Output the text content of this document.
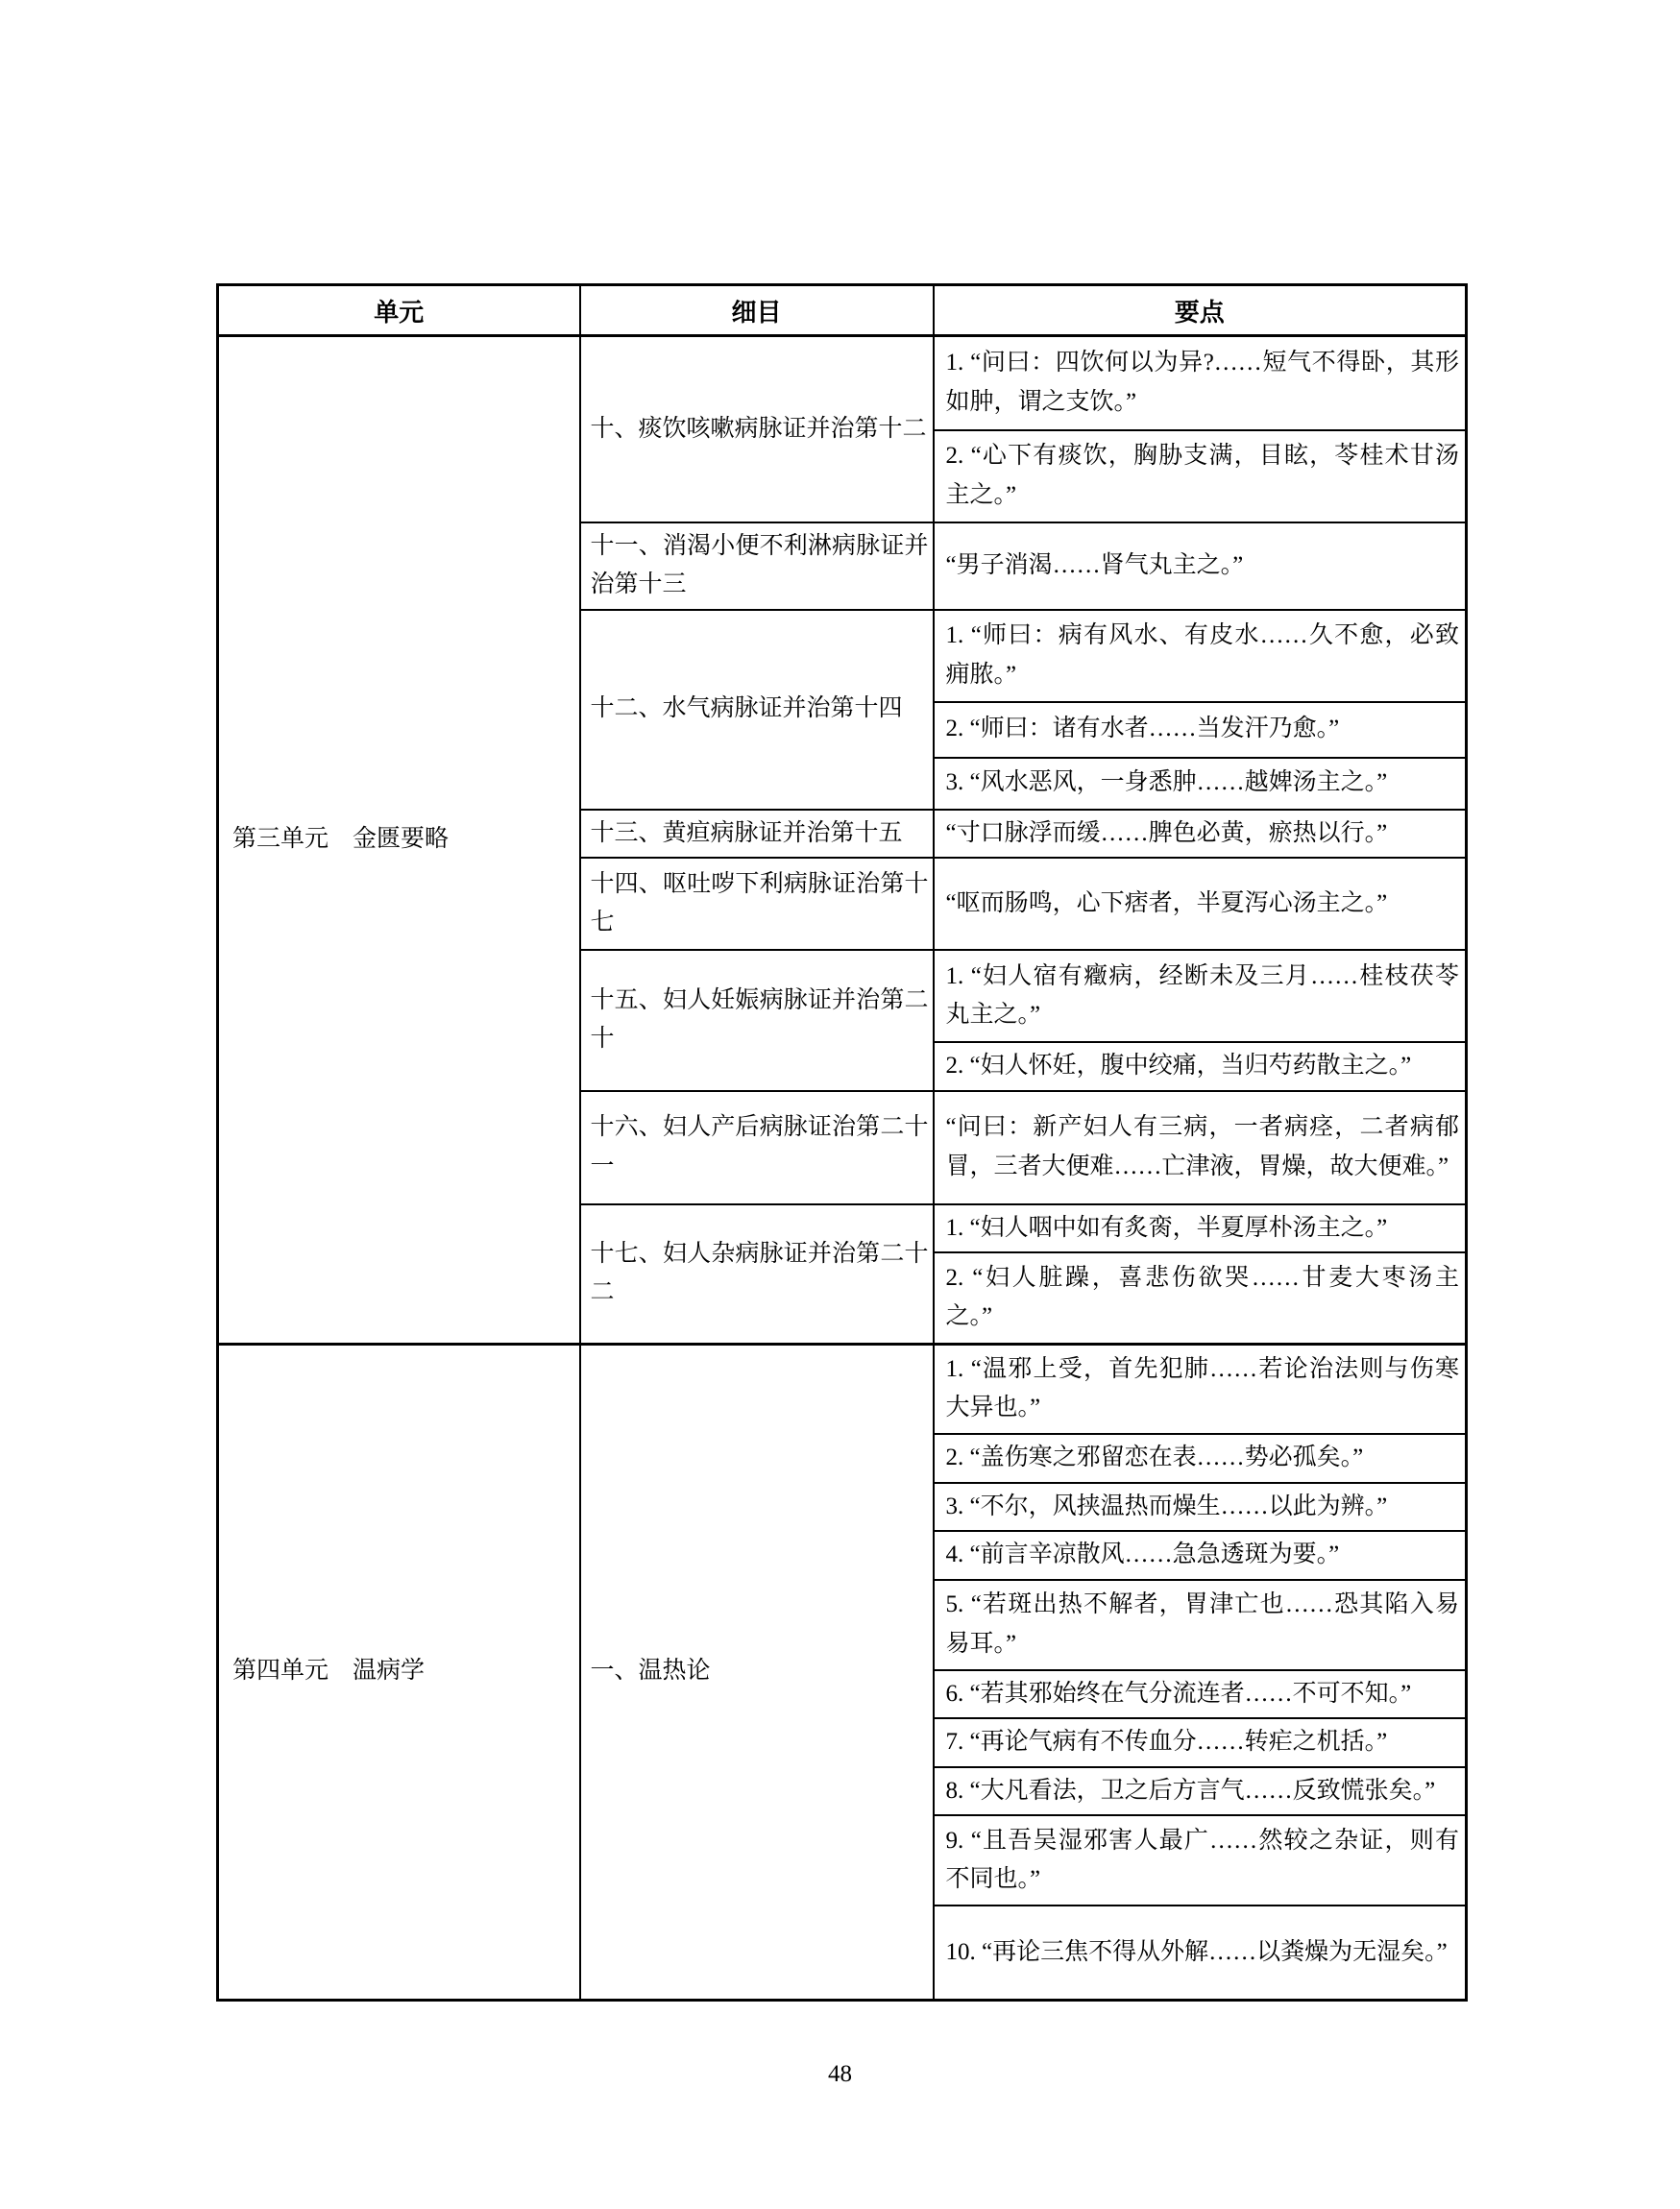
单元	细目	要点
第三单元　金匮要略	十、痰饮咳嗽病脉证并治第十二	1. “问曰：四饮何以为异?……短气不得卧，其形如肿，谓之支饮。”
		2. “心下有痰饮，胸胁支满，目眩，苓桂术甘汤主之。”
	十一、消渴小便不利淋病脉证并治第十三	“男子消渴……肾气丸主之。”
	十二、水气病脉证并治第十四	1. “师曰：病有风水、有皮水……久不愈，必致痈脓。”
		2. “师曰：诸有水者……当发汗乃愈。”
		3. “风水恶风，一身悉肿……越婢汤主之。”
	十三、黄疸病脉证并治第十五	“寸口脉浮而缓……脾色必黄，瘀热以行。”
	十四、呕吐哕下利病脉证治第十七	“呕而肠鸣，心下痞者，半夏泻心汤主之。”
	十五、妇人妊娠病脉证并治第二十	1. “妇人宿有癥病，经断未及三月……桂枝茯苓丸主之。”
		2. “妇人怀妊，腹中绞痛，当归芍药散主之。”
	十六、妇人产后病脉证治第二十一	“问曰：新产妇人有三病，一者病痉，二者病郁冒，三者大便难……亡津液，胃燥，故大便难。”
	十七、妇人杂病脉证并治第二十二	1. “妇人咽中如有炙脔，半夏厚朴汤主之。”
		2. “妇人脏躁，喜悲伤欲哭……甘麦大枣汤主之。”
第四单元　温病学	一、温热论	1. “温邪上受，首先犯肺……若论治法则与伤寒大异也。”
		2. “盖伤寒之邪留恋在表……势必孤矣。”
		3. “不尔，风挟温热而燥生……以此为辨。”
		4. “前言辛凉散风……急急透斑为要。”
		5. “若斑出热不解者，胃津亡也……恐其陷入易易耳。”
		6. “若其邪始终在气分流连者……不可不知。”
		7. “再论气病有不传血分……转疟之机括。”
		8. “大凡看法，卫之后方言气……反致慌张矣。”
		9. “且吾吴湿邪害人最广……然较之杂证，则有不同也。”
		10. “再论三焦不得从外解……以粪燥为无湿矣。”
48
